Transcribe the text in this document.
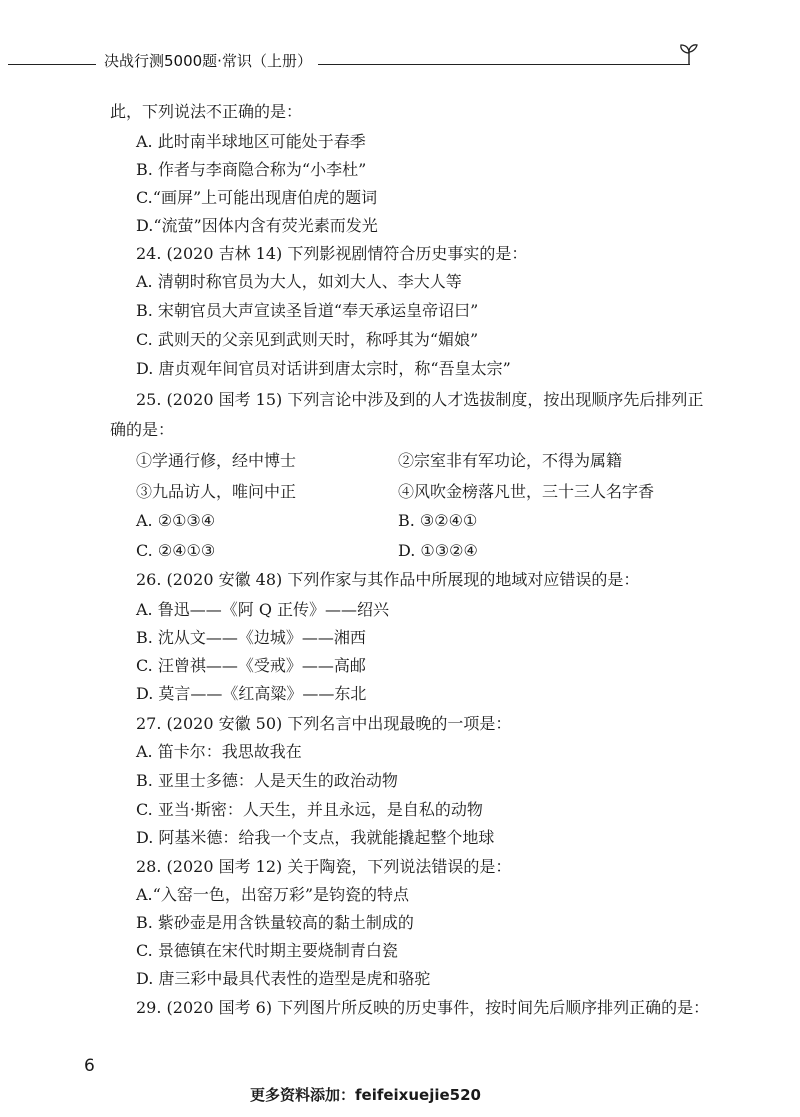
决战行测5000题·常识（上册）
此，下列说法不正确的是：
A. 此时南半球地区可能处于春季
B. 作者与李商隐合称为“小李杜”
C.“画屏”上可能出现唐伯虎的题词
D.“流萤”因体内含有荧光素而发光
24. (2020 吉林 14) 下列影视剧情符合历史事实的是：
A. 清朝时称官员为大人，如刘大人、李大人等
B. 宋朝官员大声宣读圣旨道“奉天承运皇帝诏曰”
C. 武则天的父亲见到武则天时，称呼其为“媚娘”
D. 唐贞观年间官员对话讲到唐太宗时，称“吾皇太宗”
25. (2020 国考 15) 下列言论中涉及到的人才选拔制度，按出现顺序先后排列正
确的是：
①学通行修，经中博士	②宗室非有军功论，不得为属籍
③九品访人，唯问中正	④风吹金榜落凡世，三十三人名字香
A. ②①③④	B. ③②④①
C. ②④①③	D. ①③②④
26. (2020 安徽 48) 下列作家与其作品中所展现的地域对应错误的是：
A. 鲁迅——《阿 Q 正传》——绍兴
B. 沈从文——《边城》——湘西
C. 汪曾祺——《受戒》——高邮
D. 莫言——《红高粱》——东北
27. (2020 安徽 50) 下列名言中出现最晚的一项是：
A. 笛卡尔：我思故我在
B. 亚里士多德：人是天生的政治动物
C. 亚当·斯密：人天生，并且永远，是自私的动物
D. 阿基米德：给我一个支点，我就能撬起整个地球
28. (2020 国考 12) 关于陶瓷，下列说法错误的是：
A.“入窑一色，出窑万彩”是钧瓷的特点
B. 紫砂壶是用含铁量较高的黏土制成的
C. 景德镇在宋代时期主要烧制青白瓷
D. 唐三彩中最具代表性的造型是虎和骆驼
29. (2020 国考 6) 下列图片所反映的历史事件，按时间先后顺序排列正确的是：
6
更多资料添加：feifeixuejie520
